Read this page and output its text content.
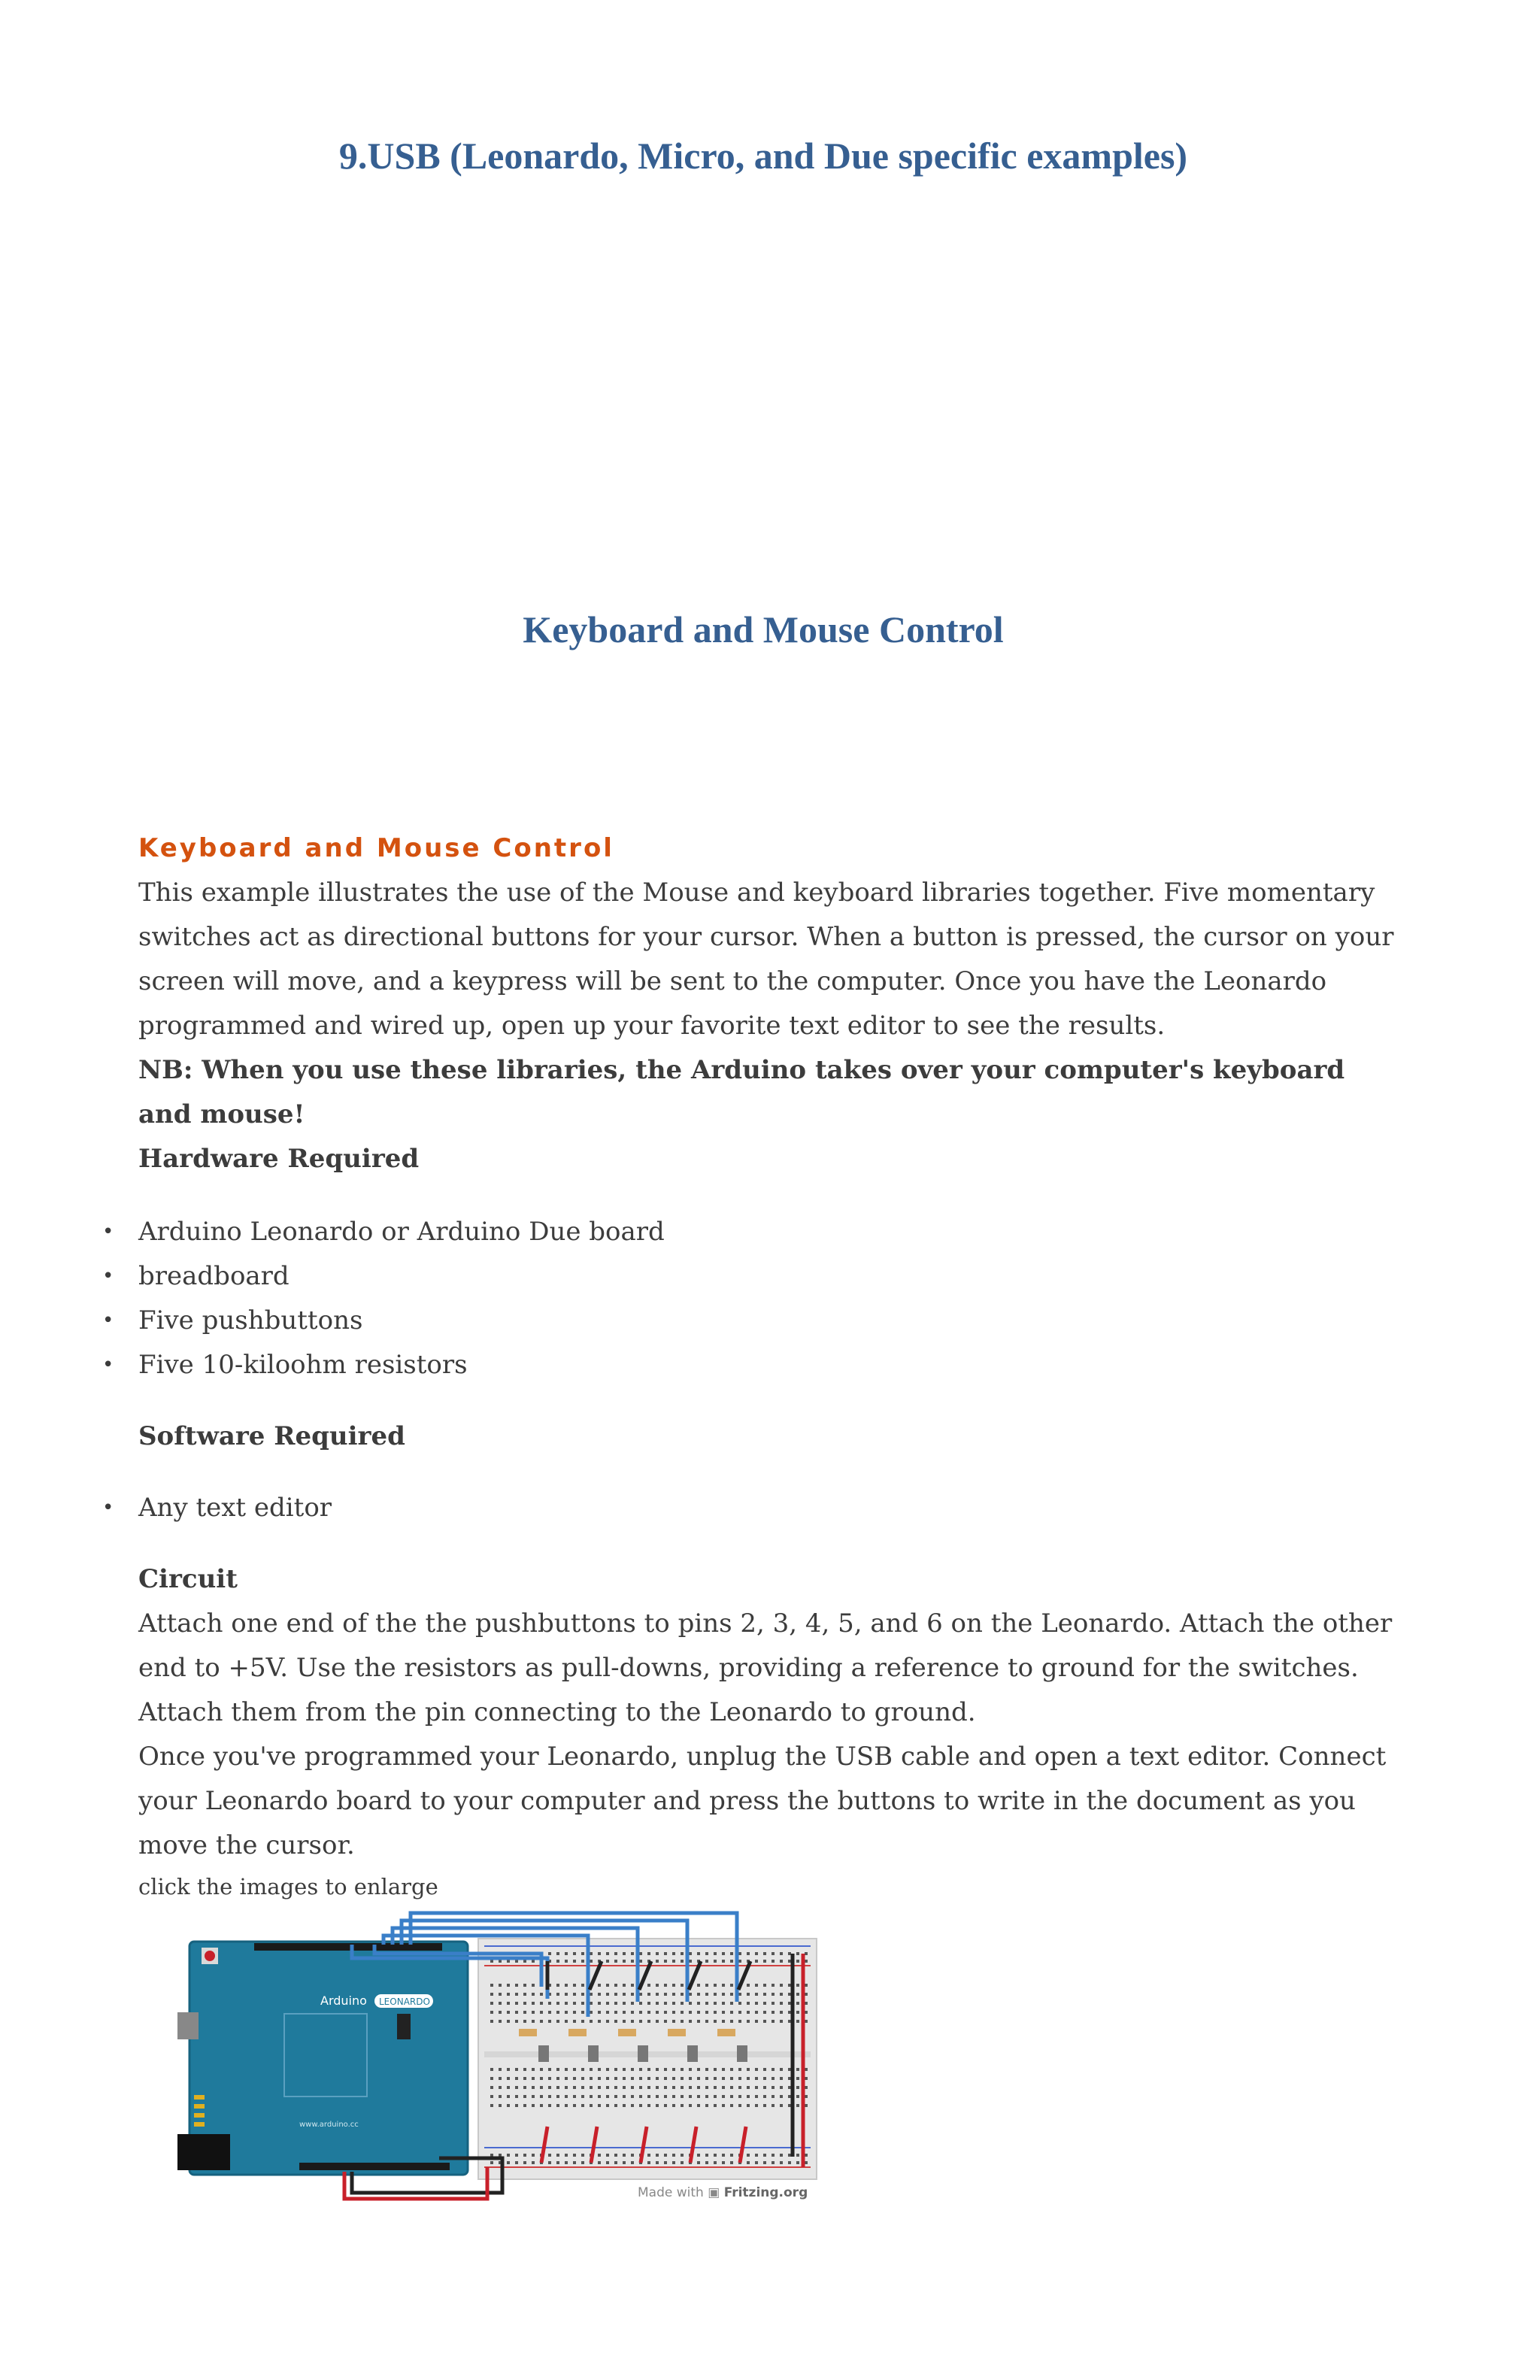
9.USB (Leonardo, Micro, and Due specific examples)
Keyboard and Mouse Control
Keyboard and Mouse Control

This example illustrates the use of the Mouse and keyboard libraries together. Five momentary switches act as directional buttons for your cursor. When a button is pressed, the cursor on your screen will move, and a keypress will be sent to the computer. Once you have the Leonardo programmed and wired up, open up your favorite text editor to see the results.

NB: When you use these libraries, the Arduino takes over your computer's keyboard and mouse!

Hardware Required

• Arduino Leonardo or Arduino Due board
• breadboard
• Five pushbuttons
• Five 10-kiloohm resistors

Software Required

• Any text editor

Circuit

Attach one end of the the pushbuttons to pins 2, 3, 4, 5, and 6 on the Leonardo. Attach the other end to +5V. Use the resistors as pull-downs, providing a reference to ground for the switches. Attach them from the pin connecting to the Leonardo to ground.

Once you've programmed your Leonardo, unplug the USB cable and open a text editor. Connect your Leonardo board to your computer and press the buttons to write in the document as you move the cursor.

click the images to enlarge

Arduino LEONARDO
www.arduino.cc
Made with ▣ Fritzing.org
